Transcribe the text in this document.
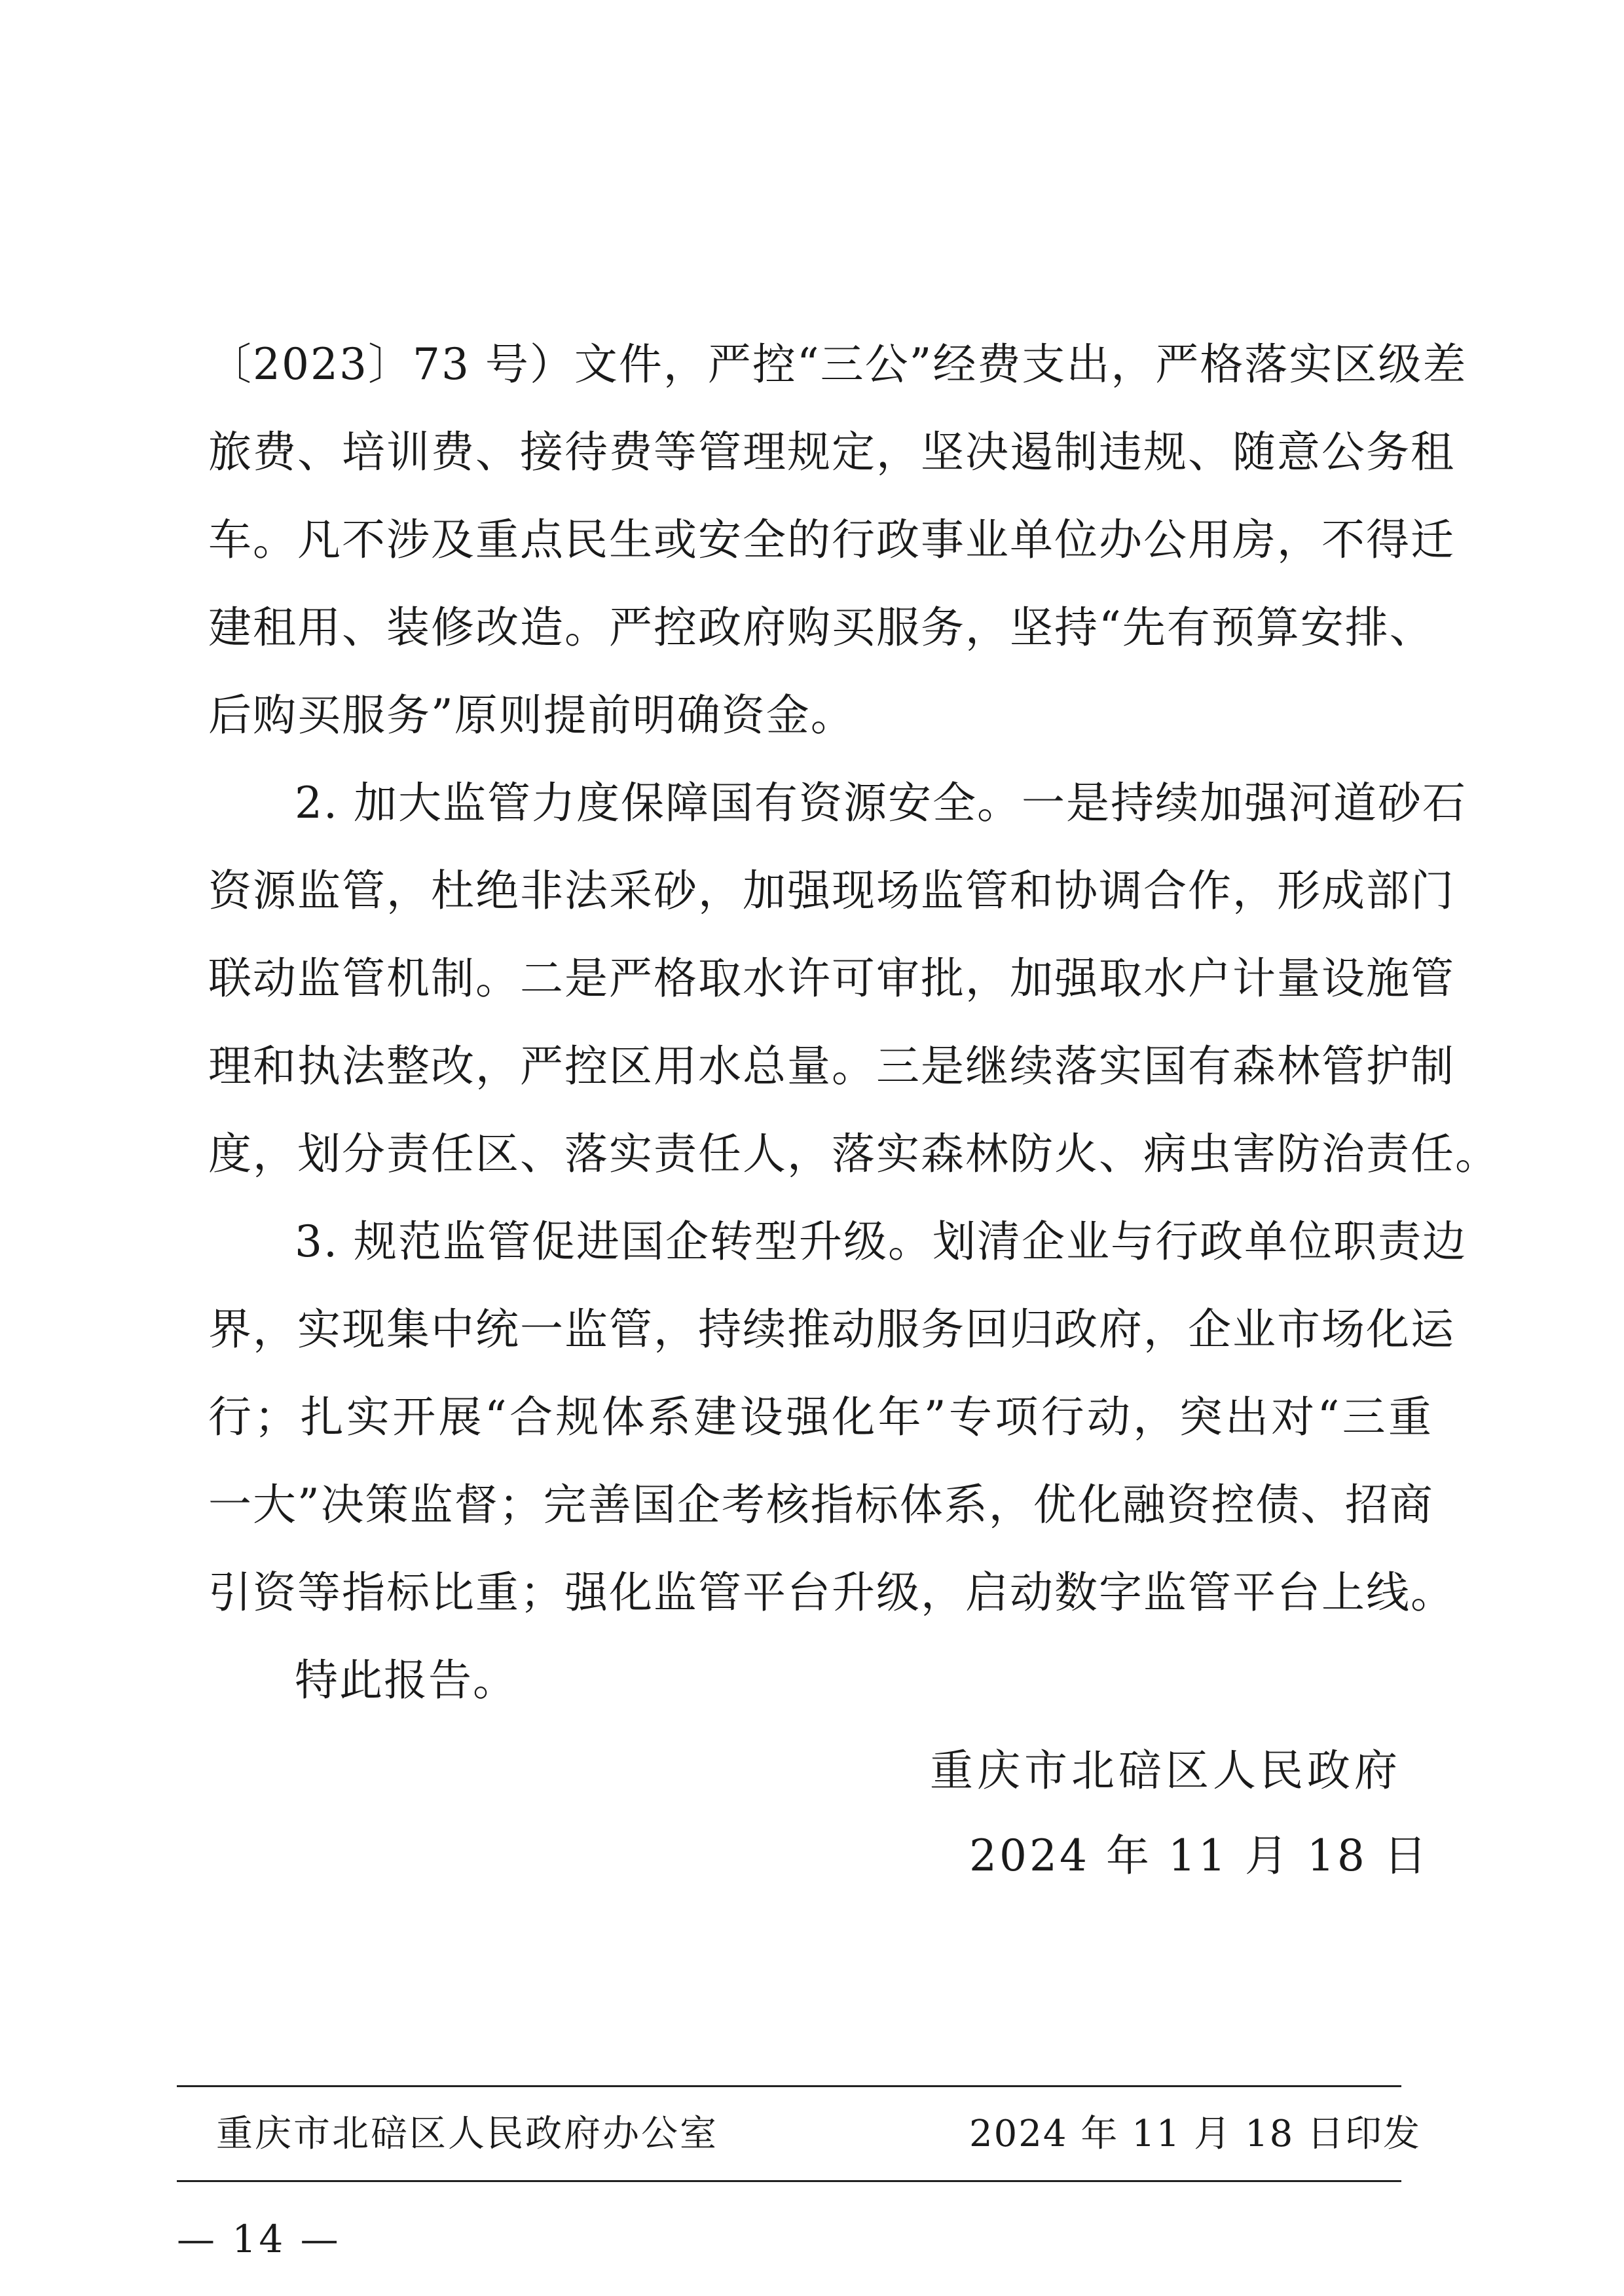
〔2023〕73 号）文件，严控“三公”经费支出，严格落实区级差
旅费、培训费、接待费等管理规定，坚决遏制违规、随意公务租
车。凡不涉及重点民生或安全的行政事业单位办公用房，不得迁
建租用、装修改造。严控政府购买服务，坚持“先有预算安排、
后购买服务”原则提前明确资金。
2. 加大监管力度保障国有资源安全。一是持续加强河道砂石
资源监管，杜绝非法采砂，加强现场监管和协调合作，形成部门
联动监管机制。二是严格取水许可审批，加强取水户计量设施管
理和执法整改，严控区用水总量。三是继续落实国有森林管护制
度，划分责任区、落实责任人，落实森林防火、病虫害防治责任。
3. 规范监管促进国企转型升级。划清企业与行政单位职责边
界，实现集中统一监管，持续推动服务回归政府，企业市场化运
行；扎实开展“合规体系建设强化年”专项行动，突出对“三重
一大”决策监督；完善国企考核指标体系，优化融资控债、招商
引资等指标比重；强化监管平台升级，启动数字监管平台上线。
特此报告。
重庆市北碚区人民政府
2024 年 11 月 18 日
重庆市北碚区人民政府办公室	2024 年 11 月 18 日印发
— 14 —
